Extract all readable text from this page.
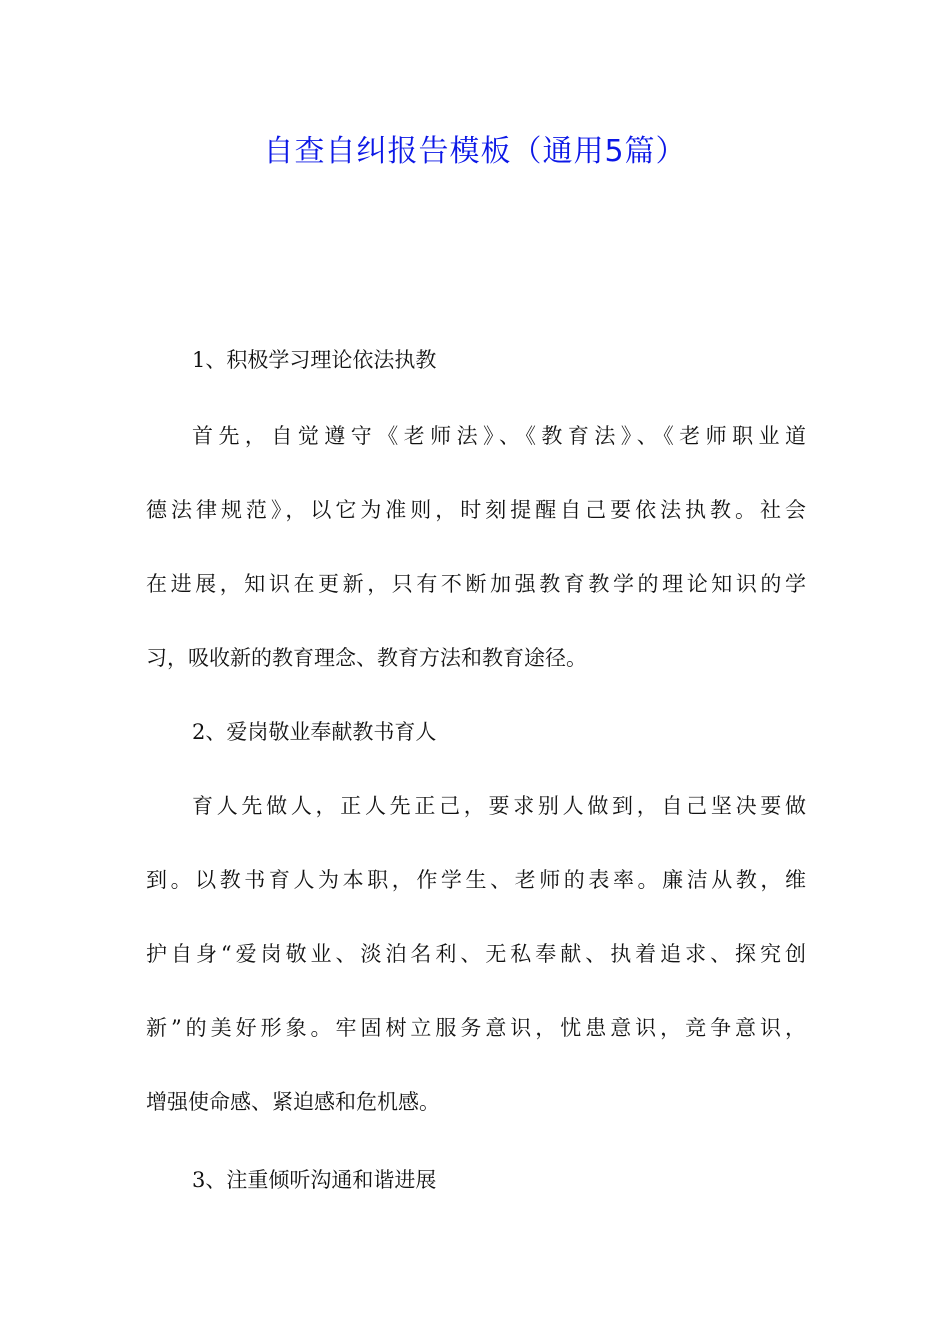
自查自纠报告模板（通用5篇）
1、积极学习理论依法执教
首先，自觉遵守《老师法》、《教育法》、《老师职业道
德法律规范》，以它为准则，时刻提醒自己要依法执教。社会
在进展，知识在更新，只有不断加强教育教学的理论知识的学
习，吸收新的教育理念、教育方法和教育途径。
2、爱岗敬业奉献教书育人
育人先做人，正人先正己，要求别人做到，自己坚决要做
到。以教书育人为本职，作学生、老师的表率。廉洁从教，维
护自身“爱岗敬业、淡泊名利、无私奉献、执着追求、探究创
新”的美好形象。牢固树立服务意识，忧患意识，竞争意识，
增强使命感、紧迫感和危机感。
3、注重倾听沟通和谐进展
